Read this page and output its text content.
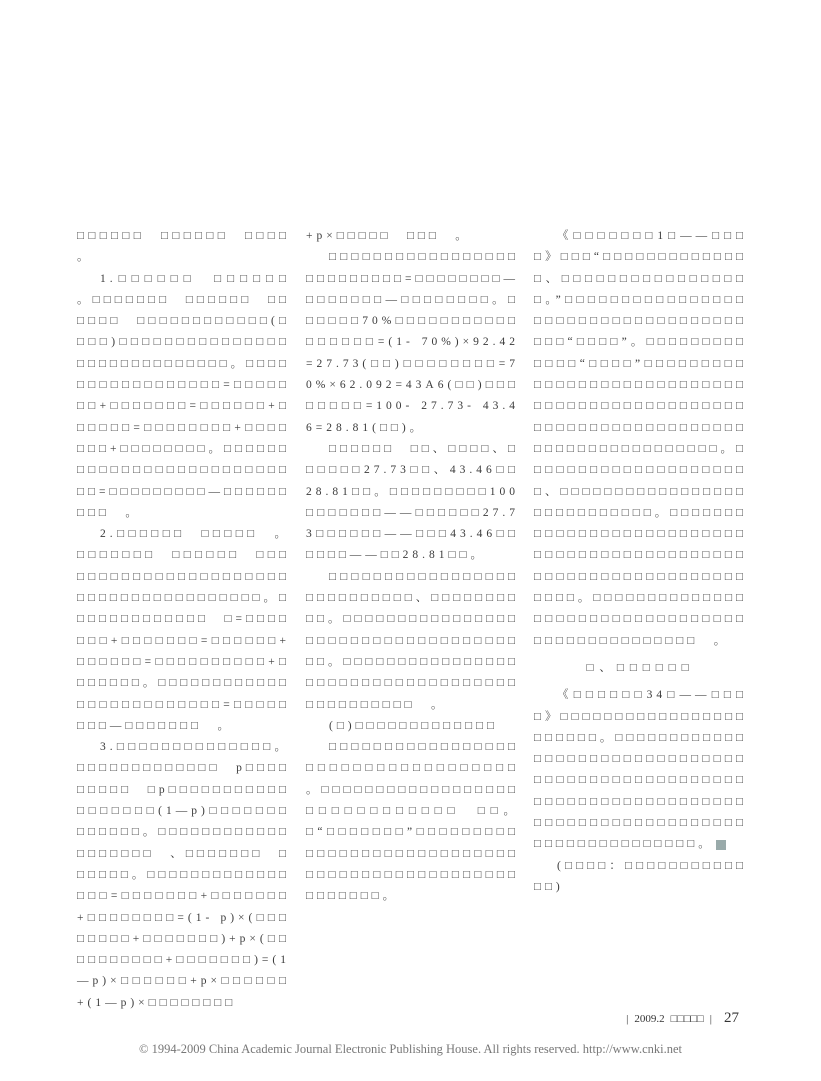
□□□□□□　□□□□□□　□□□□　。

1.□□□□□□　□□□□□□　。□□□□□□□　□□□□□□　□□□□□□　□□□□□□□□□□□□(□□□□)□□□□□□□□□□□□□□□□□□□□□□□□□□□□□。□□□□□□□□□□□□□□□□□=□□□□□□□+□□□□□□□=□□□□□□+□□□□□□=□□□□□□□□+□□□□□□□+□□□□□□□□。□□□□□□□□□□□□□□□□□□□□□□□□□□□=□□□□□□□□□—□□□□□□□□□　。

2.□□□□□□　□□□□□　。□□□□□□□　□□□□□□　□□□□□□□□□□□□□□□□□□□□□□□□□□□□□□□□□□□□□□□。□□□□□□□□□□□□□　□=□□□□□□□+□□□□□□□=□□□□□□+□□□□□□=□□□□□□□□□□+□□□□□□□。□□□□□□□□□□□□□□□□□□□□□□□□□=□□□□□□□□—□□□□□□□　。

3.□□□□□□□□□□□□□□。□□□□□□□□□□□□□　p□□□□　□□□□□　□p□□□□□□□□□□□□□□□□□□(1—p)□□□□□□□□□□□□□。□□□□□□□□□□□□□□□□□□□　、□□□□□□□　□□□□□□。□□□□□□□□□□□□□□□□=□□□□□□□+□□□□□□□+□□□□□□□□=(1- p)×(□□□□□□□□+□□□□□□□)+p×(□□□□□□□□□□+□□□□□□□)=(1—p)×□□□□□□+p×□□□□□□+(1—p)×□□□□□□□□

+p×□□□□□　□□□　。

□□□□□□□□□□□□□□□□□□□□□□□□□□=□□□□□□□□—□□□□□□□—□□□□□□□□。□□□□□□70%□□□□□□□□□□□□□□□□□=(1- 70%)×92.42=27.73(□□)□□□□□□□□=70%×62.092=43A6(□□)□□□□□□□□=100- 27.73- 43.46=28.81(□□)。

□□□□□□　□□、□□□□、□□□□□□27.73□□、43.46□□28.81□□。□□□□□□□□□100□□□□□□□——□□□□□□27.73□□□□□□——□□□43.46□□□□□□——□□28.81□□。

□□□□□□□□□□□□□□□□□□□□□□□□□□□、□□□□□□□□□□。□□□□□□□□□□□□□□□□□□□□□□□□□□□□□□□□□□□□□。□□□□□□□□□□□□□□□□□□□□□□□□□□□□□□□□□□□□□□□□□□□□□　。

(□)□□□□□□□□□□□□□

□□□□□□□□□□□□□□□□□□□□□□□□□□□□□□□□□□□　。□□□□□□□□□□□□□□□□□□□□□□□□□□□□□□　□□。□“□□□□□□□”□□□□□□□□□□□□□□□□□□□□□□□□□□□□□□□□□□□□□□□□□□□□□□□□□□□□□□。

《□□□□□□□1□——□□□□》□□□“□□□□□□□□□□□□□□、□□□□□□□□□□□□□□□□□。”□□□□□□□□□□□□□□□□□□□□□□□□□□□□□□□□□□□□□□“□□□□”。□□□□□□□□□□□□□“□□□□”□□□□□□□□□□□□□□□□□□□□□□□□□□□□□□□□□□□□□□□□□□□□□□□□□□□□□□□□□□□□□□□□□□□□□□□□□□□□□□□□□□□。□□□□□□□□□□□□□□□□□□□□□、□□□□□□□□□□□□□□□□□□□□□□□□□□□□。□□□□□□□□□□□□□□□□□□□□□□□□□□□□□□□□□□□□□□□□□□□□□□□□□□□□□□□□□□□□□□□□□□□□。□□□□□□□□□□□□□□□□□□□□□□□□□□□□□□□□□□□□□□□□□□□□□□□□　。

□、□□□□□□

《□□□□□□34□——□□□□》□□□□□□□□□□□□□□□□□□□□□□□。□□□□□□□□□□□□□□□□□□□□□□□□□□□□□□□□□□□□□□□□□□□□□□□□□□□□□□□□□□□□□□□□□□□□□□□□□□□□□□□□□□□□□□□□□□□□□□□□□□□□□□□。

(□□□□：□□□□□□□□□□□□□)

| 2009.2 □□□□□ | 27
© 1994-2009 China Academic Journal Electronic Publishing House. All rights reserved. http://www.cnki.net
